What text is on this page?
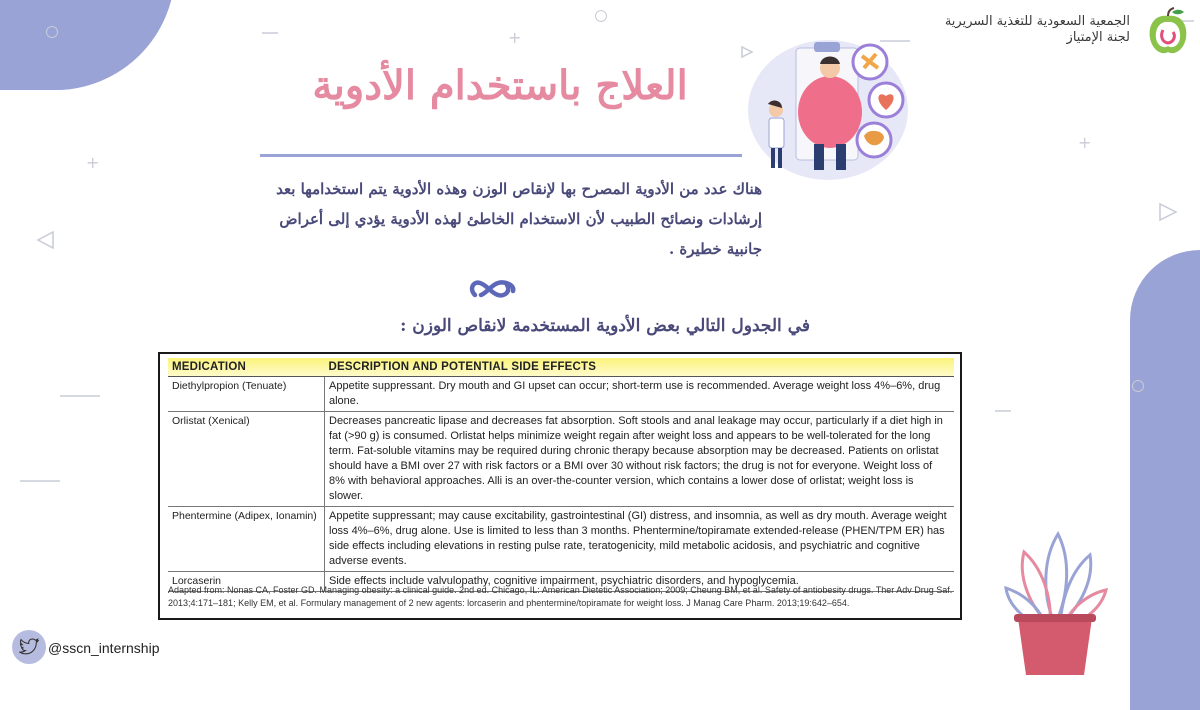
+
+
+
الجمعية السعودية للتغذية السريرية
لجنة الإمتياز
العلاج باستخدام الأدوية
هناك عدد من الأدوية المصرح بها لإنقاص الوزن وهذه الأدوية يتم استخدامها بعد
إرشادات ونصائح الطبيب لأن الاستخدام الخاطئ لهذه الأدوية يؤدي إلى أعراض
جانبية خطيرة .
في الجدول التالي بعض الأدوية المستخدمة لانقاص الوزن :
MEDICATION	DESCRIPTION AND POTENTIAL SIDE EFFECTS
Diethylpropion (Tenuate)	Appetite suppressant. Dry mouth and GI upset can occur; short-term use is recommended. Average weight loss 4%–6%, drug alone.
Orlistat (Xenical)	Decreases pancreatic lipase and decreases fat absorption. Soft stools and anal leakage may occur, particularly if a diet high in fat (>90 g) is consumed. Orlistat helps minimize weight regain after weight loss and appears to be well-tolerated for the long term. Fat-soluble vitamins may be required during chronic therapy because absorption may be decreased. Patients on orlistat should have a BMI over 27 with risk factors or a BMI over 30 without risk factors; the drug is not for everyone. Weight loss of 8% with behavioral approaches. Alli is an over-the-counter version, which contains a lower dose of orlistat; weight loss is slower.
Phentermine (Adipex, Ionamin)	Appetite suppressant; may cause excitability, gastrointestinal (GI) distress, and insomnia, as well as dry mouth. Average weight loss 4%–6%, drug alone. Use is limited to less than 3 months. Phentermine/topiramate extended-release (PHEN/TPM ER) has side effects including elevations in resting pulse rate, teratogenicity, mild metabolic acidosis, and psychiatric and cognitive adverse events.
Lorcaserin	Side effects include valvulopathy, cognitive impairment, psychiatric disorders, and hypoglycemia.
Adapted from: Nonas CA, Foster GD. Managing obesity: a clinical guide. 2nd ed. Chicago, IL: American Dietetic Association; 2009; Cheung BM, et al. Safety of antiobesity drugs. Ther Adv Drug Saf. 2013;4:171–181; Kelly EM, et al. Formulary management of 2 new agents: lorcaserin and phentermine/topiramate for weight loss. J Manag Care Pharm. 2013;19:642–654.
@sscn_internship
